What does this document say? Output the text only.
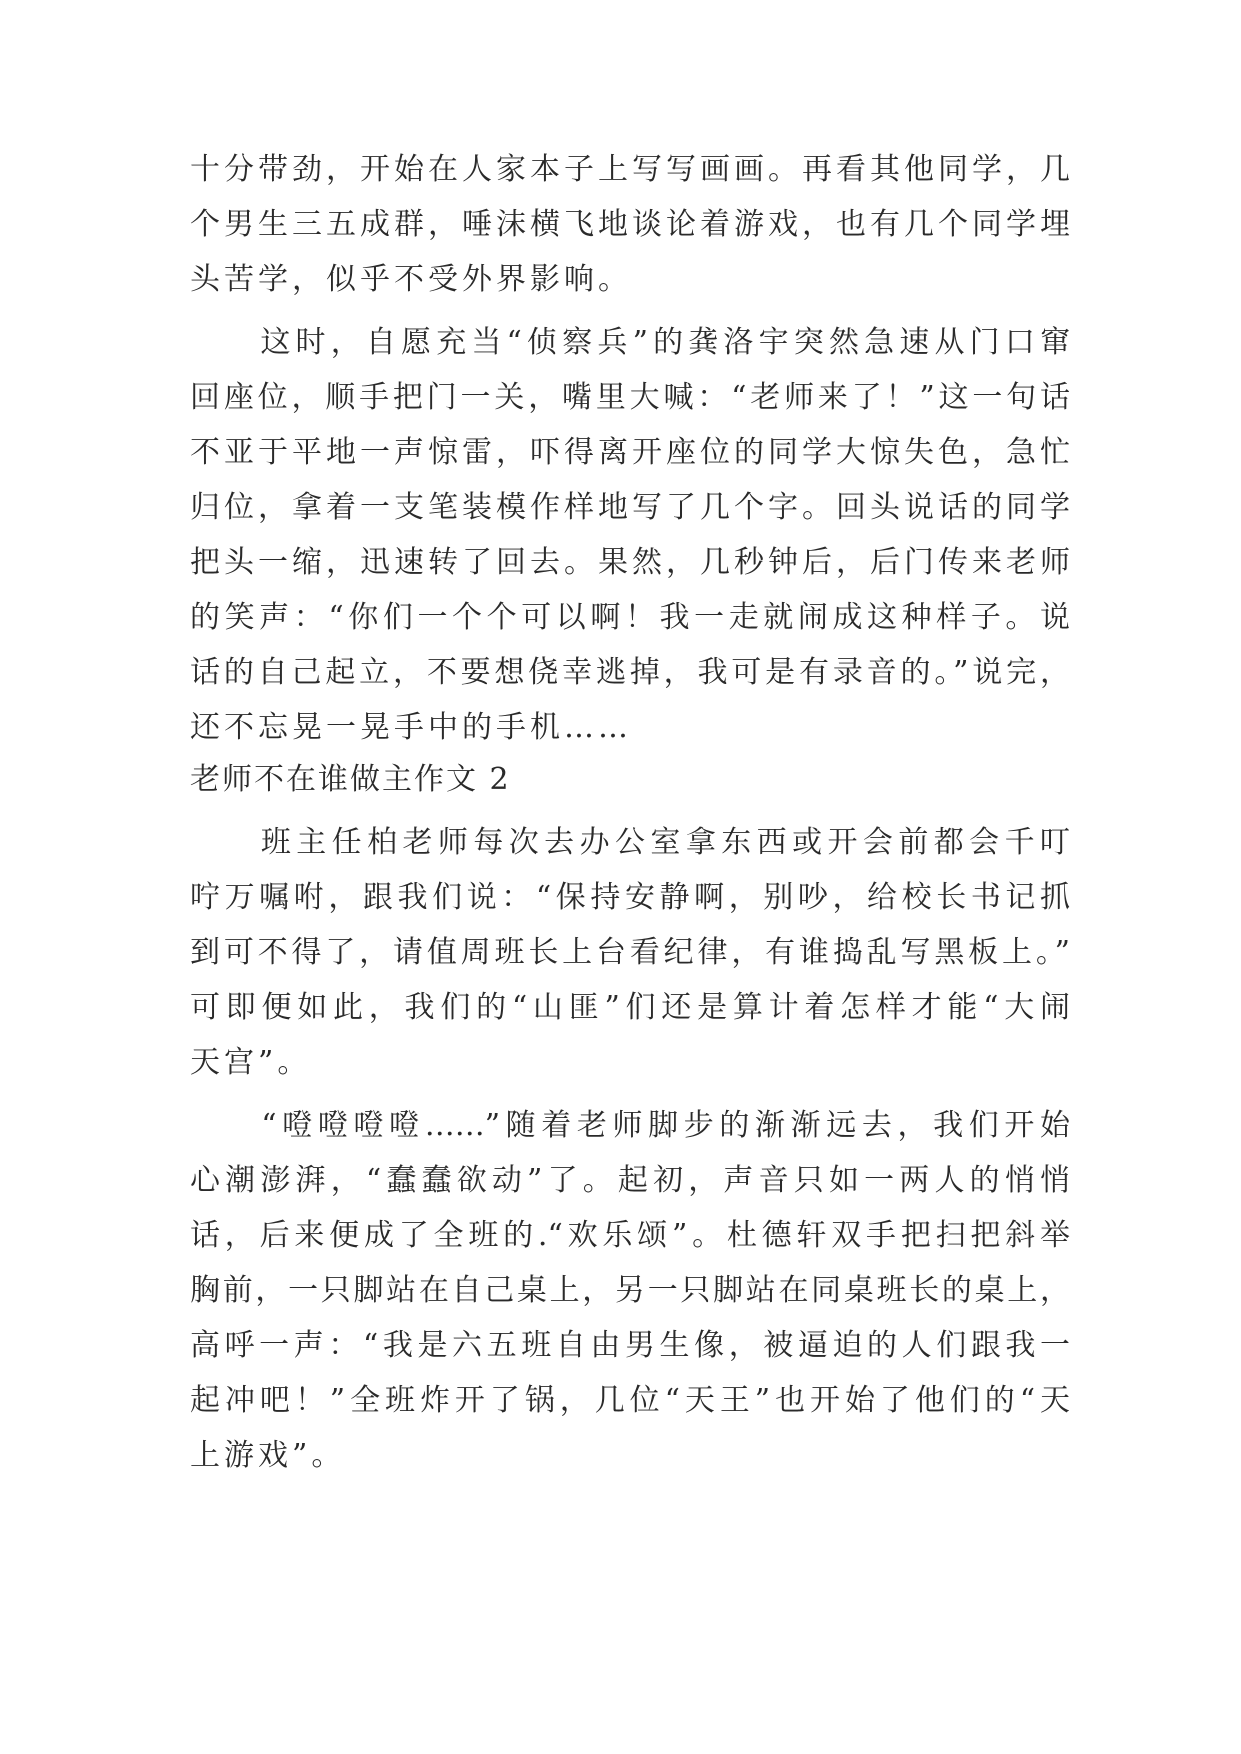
十分带劲，开始在人家本子上写写画画。再看其他同学，几
个男生三五成群，唾沫横飞地谈论着游戏，也有几个同学埋
头苦学，似乎不受外界影响。
　　这时，自愿充当“侦察兵”的龚洛宇突然急速从门口窜
回座位，顺手把门一关，嘴里大喊：“老师来了！”这一句话
不亚于平地一声惊雷，吓得离开座位的同学大惊失色，急忙
归位，拿着一支笔装模作样地写了几个字。回头说话的同学
把头一缩，迅速转了回去。果然，几秒钟后，后门传来老师
的笑声：“你们一个个可以啊！我一走就闹成这种样子。说
话的自己起立，不要想侥幸逃掉，我可是有录音的。”说完，
还不忘晃一晃手中的手机……
老师不在谁做主作文 2
　　班主任柏老师每次去办公室拿东西或开会前都会千叮
咛万嘱咐，跟我们说：“保持安静啊，别吵，给校长书记抓
到可不得了，请值周班长上台看纪律，有谁捣乱写黑板上。”
可即便如此，我们的“山匪”们还是算计着怎样才能“大闹
天宫”。
　　“噔噔噔噔……”随着老师脚步的渐渐远去，我们开始
心潮澎湃，“蠢蠢欲动”了。起初，声音只如一两人的悄悄
话，后来便成了全班的.“欢乐颂”。杜德轩双手把扫把斜举
胸前，一只脚站在自己桌上，另一只脚站在同桌班长的桌上，
高呼一声：“我是六五班自由男生像，被逼迫的人们跟我一
起冲吧！”全班炸开了锅，几位“天王”也开始了他们的“天
上游戏”。
